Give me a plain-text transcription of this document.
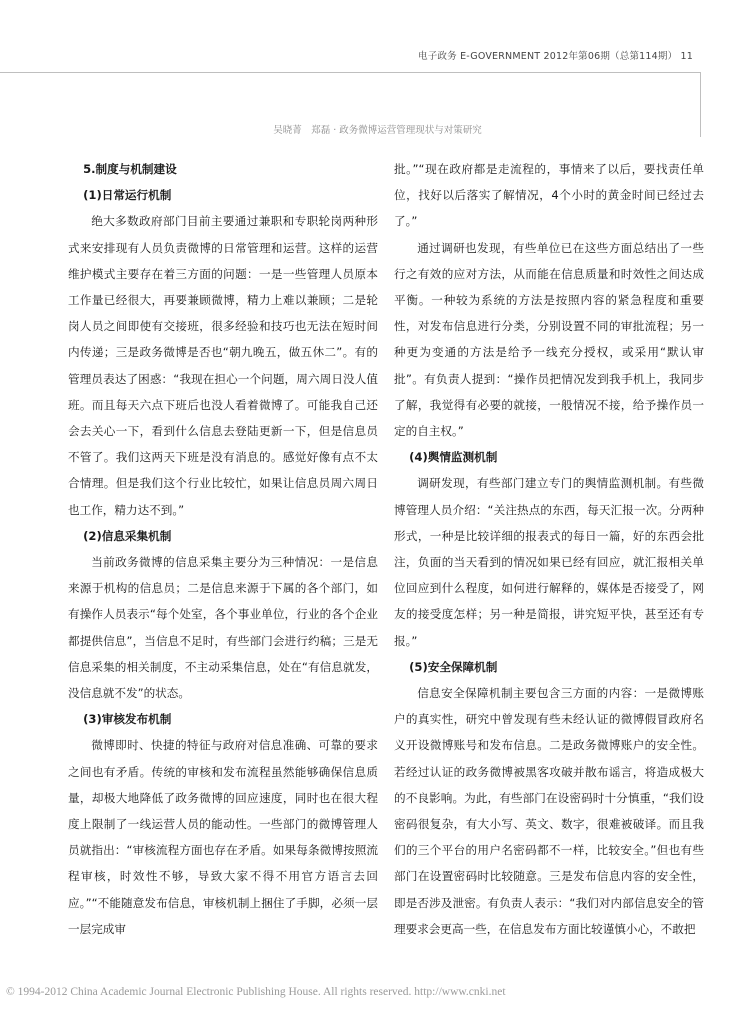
电子政务 E-GOVERNMENT 2012年第06期（总第114期） 11
吴晓菁　郑磊 · 政务微博运营管理现状与对策研究
5.制度与机制建设
(1)日常运行机制
绝大多数政府部门目前主要通过兼职和专职轮岗两种形式来安排现有人员负责微博的日常管理和运营。这样的运营维护模式主要存在着三方面的问题：一是一些管理人员原本工作量已经很大，再要兼顾微博，精力上难以兼顾；二是轮岗人员之间即使有交接班，很多经验和技巧也无法在短时间内传递；三是政务微博是否也“朝九晚五，做五休二”。有的管理员表达了困惑：“我现在担心一个问题，周六周日没人值班。而且每天六点下班后也没人看着微博了。可能我自己还会去关心一下，看到什么信息去登陆更新一下，但是信息员不管了。我们这两天下班是没有消息的。感觉好像有点不太合情理。但是我们这个行业比较忙，如果让信息员周六周日也工作，精力达不到。”
(2)信息采集机制
当前政务微博的信息采集主要分为三种情况：一是信息来源于机构的信息员；二是信息来源于下属的各个部门，如有操作人员表示“每个处室，各个事业单位，行业的各个企业都提供信息”，当信息不足时，有些部门会进行约稿；三是无信息采集的相关制度，不主动采集信息，处在“有信息就发，没信息就不发”的状态。
(3)审核发布机制
微博即时、快捷的特征与政府对信息准确、可靠的要求之间也有矛盾。传统的审核和发布流程虽然能够确保信息质量，却极大地降低了政务微博的回应速度，同时也在很大程度上限制了一线运营人员的能动性。一些部门的微博管理人员就指出：“审核流程方面也存在矛盾。如果每条微博按照流程审核，时效性不够，导致大家不得不用官方语言去回应。”“不能随意发布信息，审核机制上捆住了手脚，必须一层一层完成审
批。”“现在政府都是走流程的，事情来了以后，要找责任单位，找好以后落实了解情况，4个小时的黄金时间已经过去了。”
通过调研也发现，有些单位已在这些方面总结出了一些行之有效的应对方法，从而能在信息质量和时效性之间达成平衡。一种较为系统的方法是按照内容的紧急程度和重要性，对发布信息进行分类，分别设置不同的审批流程；另一种更为变通的方法是给予一线充分授权，或采用“默认审批”。有负责人提到：“操作员把情况发到我手机上，我同步了解，我觉得有必要的就接，一般情况不接，给予操作员一定的自主权。”
(4)舆情监测机制
调研发现，有些部门建立专门的舆情监测机制。有些微博管理人员介绍：“关注热点的东西，每天汇报一次。分两种形式，一种是比较详细的报表式的每日一篇，好的东西会批注，负面的当天看到的情况如果已经有回应，就汇报相关单位回应到什么程度，如何进行解释的，媒体是否接受了，网友的接受度怎样；另一种是简报，讲究短平快，甚至还有专报。”
(5)安全保障机制
信息安全保障机制主要包含三方面的内容：一是微博账户的真实性，研究中曾发现有些未经认证的微博假冒政府名义开设微博账号和发布信息。二是政务微博账户的安全性。若经过认证的政务微博被黑客攻破并散布谣言，将造成极大的不良影响。为此，有些部门在设密码时十分慎重，“我们设密码很复杂，有大小写、英文、数字，很难被破译。而且我们的三个平台的用户名密码都不一样，比较安全。”但也有些部门在设置密码时比较随意。三是发布信息内容的安全性，即是否涉及泄密。有负责人表示：“我们对内部信息安全的管理要求会更高一些，在信息发布方面比较谨慎小心，不敢把
© 1994-2012 China Academic Journal Electronic Publishing House. All rights reserved. http://www.cnki.net
